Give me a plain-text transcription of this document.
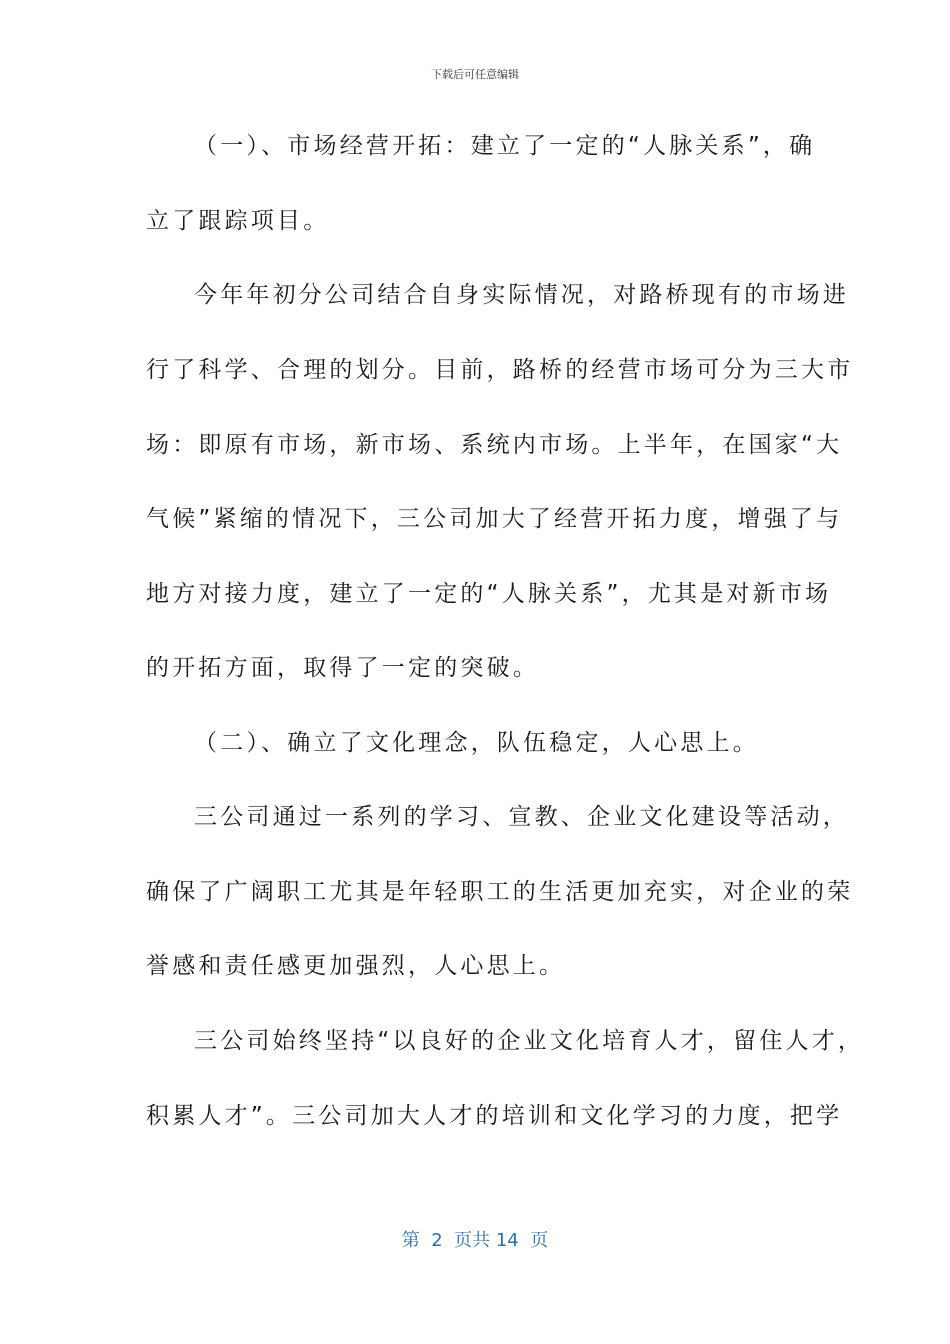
下载后可任意编辑
（一）、市场经营开拓：建立了一定的“人脉关系”，确
立了跟踪项目。
今年年初分公司结合自身实际情况，对路桥现有的市场进
行了科学、合理的划分。目前，路桥的经营市场可分为三大市
场：即原有市场，新市场、系统内市场。上半年，在国家“大
气候”紧缩的情况下，三公司加大了经营开拓力度，增强了与
地方对接力度，建立了一定的“人脉关系”，尤其是对新市场
的开拓方面，取得了一定的突破。
（二）、确立了文化理念，队伍稳定，人心思上。
三公司通过一系列的学习、宣教、企业文化建设等活动，
确保了广阔职工尤其是年轻职工的生活更加充实，对企业的荣
誉感和责任感更加强烈，人心思上。
三公司始终坚持“以良好的企业文化培育人才，留住人才，
积累人才”。三公司加大人才的培训和文化学习的力度，把学
第  2  页共 14  页
